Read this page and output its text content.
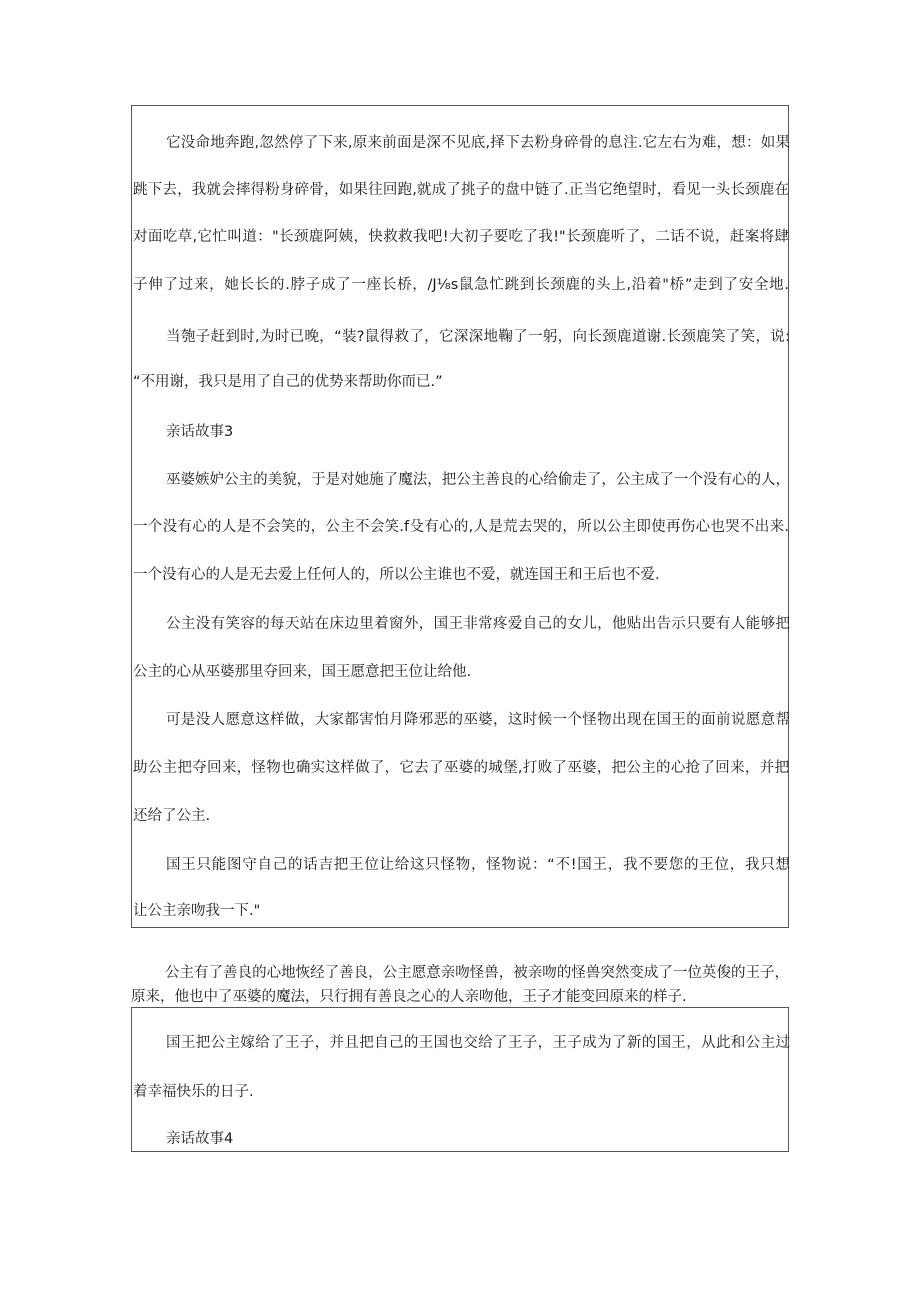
它没命地奔跑,忽然停了下来,原来前面是深不见底,择下去粉身碎骨的息注.它左右为难，想：如果
跳下去，我就会摔得粉身碎骨，如果往回跑,就成了挑子的盘中链了.正当它绝望时，看见一头长颈鹿在
对面吃草,它忙叫道："长颈鹿阿姨，快救救我吧!大初子要吃了我!"长颈鹿听了，二话不说，赶案将肆
子伸了过来，她长长的.脖子成了一座长桥，/J⅛s鼠急忙跳到长颈鹿的头上,沿着"桥”走到了安全地.
当匏子赶到时,为时已晚，“装?鼠得救了，它深深地鞠了一躬，向长颈鹿道谢.长颈鹿笑了笑，说:
“不用谢，我只是用了自己的优势来帮助你而已.”
亲话故事3
巫婆嫉妒公主的美貌，于是对她施了魔法，把公主善良的心给偷走了，公主成了一个没有心的人，
一个没有心的人是不会笑的，公主不会笑.f殳有心的,人是荒去哭的，所以公主即使再伤心也哭不出来.
一个没有心的人是无去爱上任何人的，所以公主谁也不爱，就连国王和王后也不爱.
公主没有笑容的每天站在床边里着窗外，国王非常疼爱自己的女儿，他贴出告示只要有人能够把
公主的心从巫婆那里夺回来，国王愿意把王位让给他.
可是没人愿意这样做，大家都害怕月降邪恶的巫婆，这时候一个怪物出现在国王的面前说愿意帮
助公主把夺回来，怪物也确实这样做了，它去了巫婆的城堡,打败了巫婆，把公主的心抢了回来，并把
还给了公主.
国王只能图守自己的话吉把王位让给这只怪物，怪物说：“不!国王，我不要您的王位，我只想
让公主亲吻我一下."
公主有了善良的心地恢经了善良，公主愿意亲吻怪兽，被亲吻的怪兽突然变成了一位英俊的王子，
原来，他也中了巫婆的魔法，只行拥有善良之心的人亲吻他，王子才能变回原来的样子.
国王把公主嫁给了王子，并且把自己的王国也交给了王子，王子成为了新的国王，从此和公主过
着幸福快乐的日子.
亲话故事4
